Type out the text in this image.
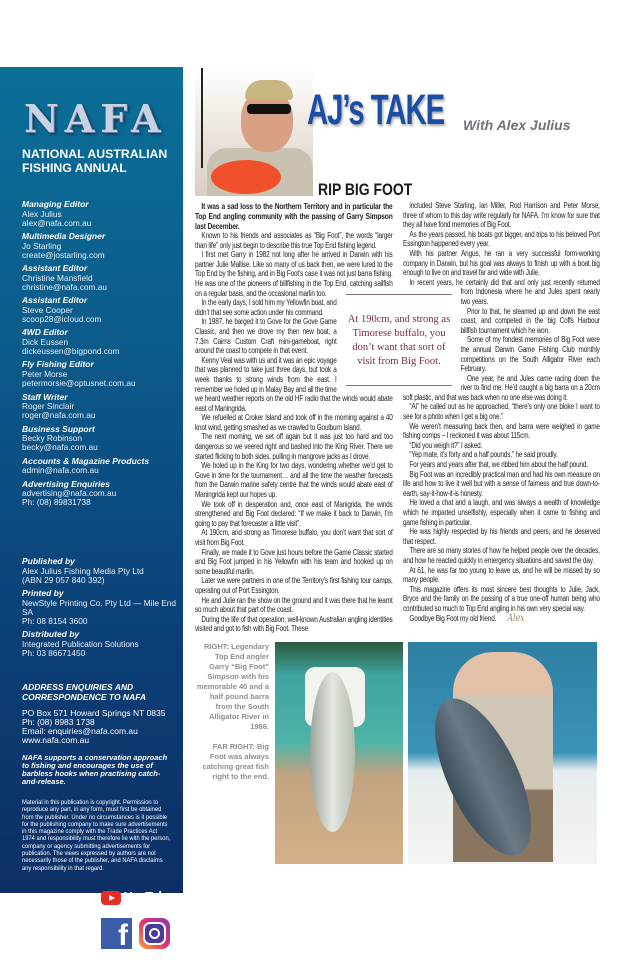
NAFA
NATIONAL AUSTRALIAN FISHING ANNUAL
Managing Editor
Alex Julius
alex@nafa.com.au
Multimedia Designer
Jo Starling
create@jostarling.com
Assistant Editor
Christine Mansfield
christine@nafa.com.au
Assistant Editor
Steve Cooper
scoop28@icloud.com
4WD Editor
Dick Eussen
dickeussen@bigpond.com
Fly Fishing Editor
Peter Morse
petermorsie@optusnet.com.au
Staff Writer
Roger Sinclair
roger@nafa.com.au
Business Support
Becky Robinson
becky@nafa.com.au
Accounts & Magazine Products
admin@nafa.com.au
Advertising Enquiries
advertising@nafa.com.au
Ph: (08) 89831738
Published by
Alex Julius Fishing Media Pty Ltd
(ABN 29 057 840 392)
Printed by
NewStyle Printing Co. Pty Ltd — Mile End SA
Ph: 08 8154 3600
Distributed by
Integrated Publication Solutions
Ph: 03 86671450
ADDRESS ENQUIRIES AND CORRESPONDENCE TO NAFA
PO Box 571 Howard Springs NT 0835
Ph: (08) 8983 1738
Email: enquiries@nafa.com.au
www.nafa.com.au
NAFA supports a conservation approach to fishing and encourages the use of barbless hooks when practising catch-and-release.
Material in this publication is copyright. Permission to reproduce any part, in any form, must first be obtained from the publisher. Under no circumstances is it possible for the publishing company to make sure advertisements in this magazine comply with the Trade Practices Act 1974 and responsibility must therefore lie with the person, company or agency submitting advertisements for publication. The views expressed by authors are not necessarily those of the publisher, and NAFA disclaims any responsibility in that regard.
YouTube
f
ISSN 1322-1302
AJ’s TAKE With Alex Julius
RIP BIG FOOT

It was a sad loss to the Northern Territory and in particular the Top End angling community with the passing of Garry Simpson last December.

Known to his friends and associates as “Big Foot”, the words “larger than life” only just begin to describe this true Top End fishing legend.

I first met Garry in 1982 not long after he arrived in Darwin with his partner Julie Mallise. Like so many of us back then, we were lured to the Top End by the fishing, and in Big Foot’s case it was not just barra fishing. He was one of the pioneers of billfishing in the Top End, catching sailfish on a regular basis, and the occasional marlin too.

In the early days, I sold him my Yellowfin boat, and didn’t that see some action under his command.

In 1987, he barged it to Gove for the Gove Game Classic, and then we drove my then new boat, a 7.3m Cairns Custom Craft mini-gameboat, right around the coast to compete in that event.

Kenny Veal was with us and it was an epic voyage that was planned to take just three days, but took a week thanks to strong winds from the east. I remember we holed up in Malay Bay and all the time we heard weather reports on the old HF radio that the winds would abate east of Maningrida.

We refuelled at Croker Island and took off in the morning against a 40 knot wind, getting smashed as we crawled to Goulburn Island.

The next morning, we set off again but it was just too hard and too dangerous so we veered right and bashed into the King River. There we started flicking to both sides, pulling in mangrove jacks as I drove.

We holed up in the King for two days, wondering whether we’d get to Gove in time for the tournament… and all the time the weather forecasts from the Darwin marine safety centre that the winds would abate east of Maningrida kept our hopes up.

We took off in desperation and, once east of Manigrida, the winds strengthened and Big Foot declared: “If we make it back to Darwin, I’m going to pay that forecaster a little visit”.

At 190cm, and strong as Timorese buffalo, you don’t want that sort of visit from Big Foot.

Finally, we made it to Gove just hours before the Game Classic started and Big Foot jumped in his Yellowfin with his team and hooked up on some beautiful marlin.

Later we were partners in one of the Territory’s first fishing tour camps, operating out of Port Essington.

He and Julie ran the show on the ground and it was there that he learnt so much about that part of the coast.

During the life of that operation, well-known Australian angling identities visited and got to fish with Big Foot. These

included Steve Starling, Ian Miller, Rod Harrison and Peter Morse; three of whom to this day write regularly for NAFA. I’m know for sure that they all have fond memories of Big Foot.

As the years passed, his boats got bigger, and trips to his beloved Port Essington happened every year.

With his partner Angus, he ran a very successful form-working company in Darwin, but his goal was always to finish up with a boat big enough to live on and travel far and wide with Julie.

In recent years, he certainly did that and only just recently returned from Indonesia where he and Jules spent nearly two years.

Prior to that, he steamed up and down the east coast, and competed in the big Coffs Harbour billfish tournament which he won.

Some of my fondest memories of Big Foot were the annual Darwin Game Fishing Club monthly competitions on the South Alligator River each February.

One year, he and Jules came racing down the river to find me. He’d caught a big barra on a 20cm soft plastic, and that was back when no one else was doing it.

“Al” he called out as he approached, “there’s only one bloke I want to see for a photo when I get a big one.”

We weren’t measuring back then, and barra were weighed in game fishing comps – I reckoned it was about 115cm.

“Did you weigh it?” I asked.

“Yep mate, it’s forty and a half pounds,” he said proudly.

For years and years after that, we ribbed him about the half pound.

Big Foot was an incredibly practical man and had his own measure on life and how to live it well but with a sense of fairness and true down-to-earth, say-it-how-it-is honesty.

He loved a chat and a laugh, and was always a wealth of knowledge which he imparted unselfishly, especially when it came to fishing and game fishing in particular.

He was highly respected by his friends and peers, and he deserved that respect.

There are so many stories of how he helped people over the decades, and how he reacted quickly in emergency situations and saved the day.

At 61, he was far too young to leave us, and he will be missed by so many people.

This magazine offers its most sincere best thoughts to Julie, Jack, Bryce and the family on the passing of a true one-off human being who contributed so much to Top End angling in his own very special way.

Goodbye Big Foot my old friend. Alex

At 190cm, and strong as Timorese buffalo, you don’t want that sort of visit from Big Foot.

RIGHT: Legendary Top End angler Garry “Big Foot” Simpson with his memorable 40 and a half pound barra from the South Alligator River in 1986.

FAR RIGHT: Big Foot was always catching great fish right to the end.
